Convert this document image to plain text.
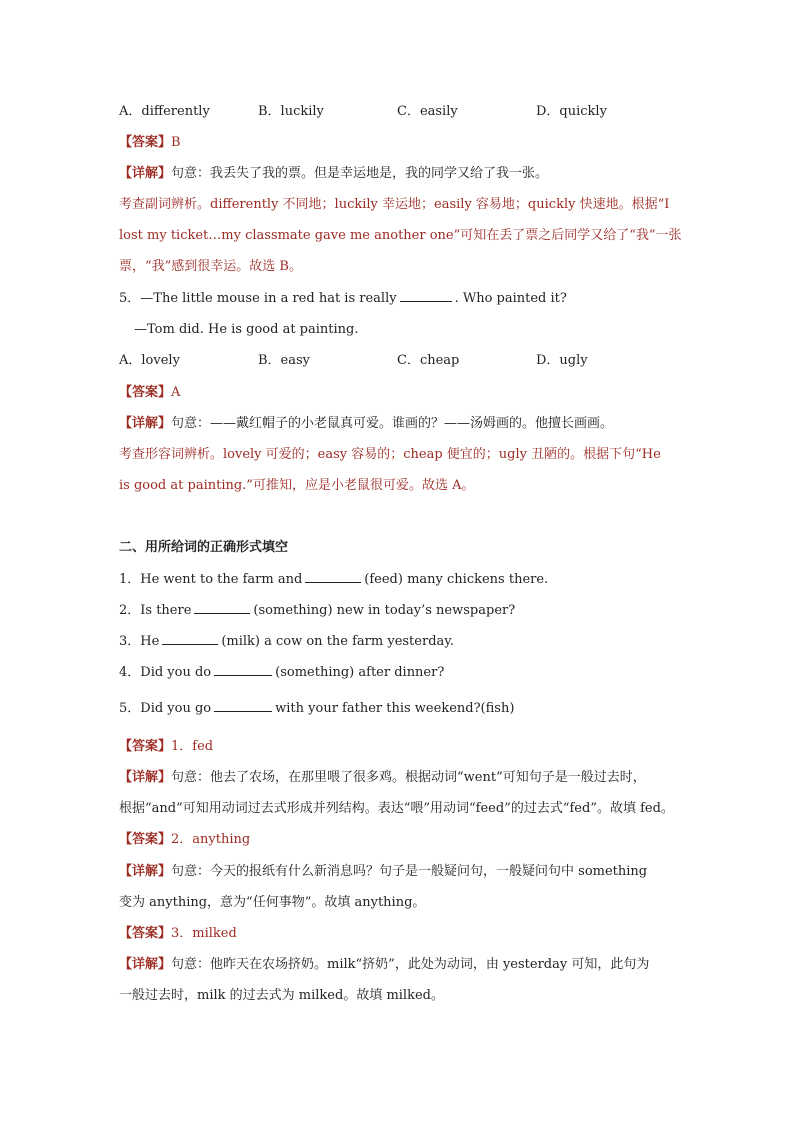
A．differently	B．luckily	C．easily	D．quickly
【答案】B
【详解】句意：我丢失了我的票。但是幸运地是，我的同学又给了我一张。
考查副词辨析。differently 不同地；luckily 幸运地；easily 容易地；quickly 快速地。根据“I
lost my ticket…my classmate gave me another one”可知在丢了票之后同学又给了“我”一张
票，“我”感到很幸运。故选 B。
5．—The little mouse in a red hat is really	. Who painted it?
—Tom did. He is good at painting.
A．lovely	B．easy	C．cheap	D．ugly
【答案】A
【详解】句意：——戴红帽子的小老鼠真可爱。谁画的？——汤姆画的。他擅长画画。
考查形容词辨析。lovely 可爱的；easy 容易的；cheap 便宜的；ugly 丑陋的。根据下句“He
is good at painting.”可推知，应是小老鼠很可爱。故选 A。
二、用所给词的正确形式填空
1．He went to the farm and	(feed) many chickens there.
2．Is there	(something) new in today’s newspaper?
3．He	(milk) a cow on the farm yesterday.
4．Did you do	(something) after dinner?
5．Did you go	with your father this weekend?(fish)
【答案】1．fed
【详解】句意：他去了农场，在那里喂了很多鸡。根据动词“went”可知句子是一般过去时，
根据“and”可知用动词过去式形成并列结构。表达“喂”用动词“feed”的过去式“fed”。故填 fed。
【答案】2．anything
【详解】句意：今天的报纸有什么新消息吗？句子是一般疑问句，一般疑问句中 something
变为 anything，意为“任何事物”。故填 anything。
【答案】3．milked
【详解】句意：他昨天在农场挤奶。milk“挤奶”，此处为动词，由 yesterday 可知，此句为
一般过去时，milk 的过去式为 milked。故填 milked。
